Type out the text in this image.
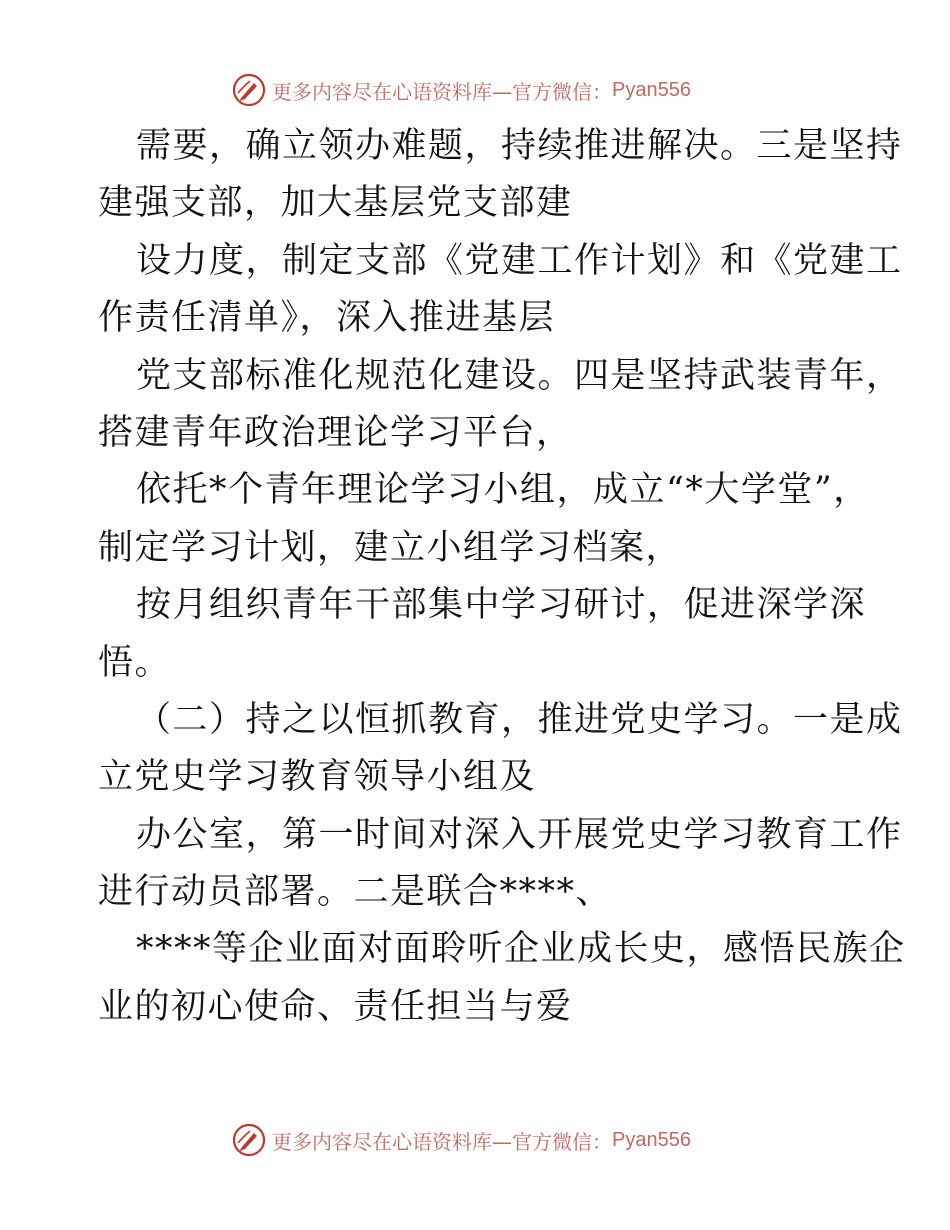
更多内容尽在心语资料库—官方微信： Pyan556
需要，确立领办难题，持续推进解决。三是坚持
建强支部，加大基层党支部建
设力度，制定支部《党建工作计划》和《党建工
作责任清单》，深入推进基层
党支部标准化规范化建设。四是坚持武装青年，
搭建青年政治理论学习平台，
依托*个青年理论学习小组，成立“*大学堂”，
制定学习计划，建立小组学习档案，
按月组织青年干部集中学习研讨，促进深学深
悟。
（二）持之以恒抓教育，推进党史学习。一是成
立党史学习教育领导小组及
办公室，第一时间对深入开展党史学习教育工作
进行动员部署。二是联合****、
****等企业面对面聆听企业成长史，感悟民族企
业的初心使命、责任担当与爱
更多内容尽在心语资料库—官方微信： Pyan556
